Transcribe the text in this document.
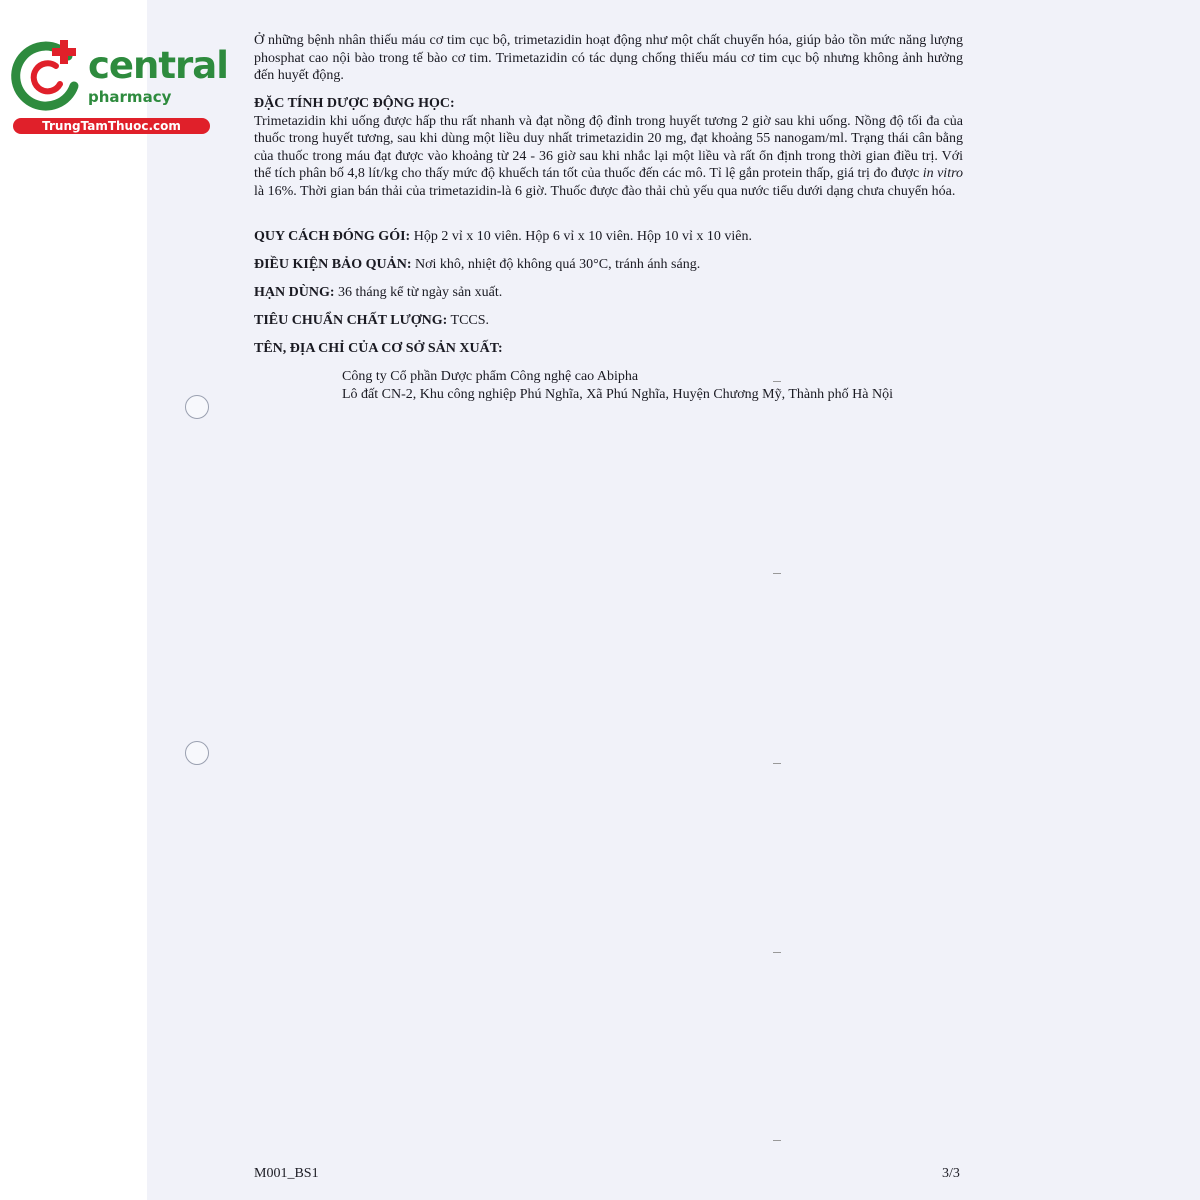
central
pharmacy
TrungTamThuoc.com
Ở những bệnh nhân thiếu máu cơ tim cục bộ, trimetazidin hoạt động như một chất chuyển hóa, giúp bảo tồn mức năng lượng phosphat cao nội bào trong tế bào cơ tim. Trimetazidin có tác dụng chống thiếu máu cơ tim cục bộ nhưng không ảnh hưởng đến huyết động.
ĐẶC TÍNH DƯỢC ĐỘNG HỌC:
Trimetazidin khi uống được hấp thu rất nhanh và đạt nồng độ đỉnh trong huyết tương 2 giờ sau khi uống. Nồng độ tối đa của thuốc trong huyết tương, sau khi dùng một liều duy nhất trimetazidin 20 mg, đạt khoảng 55 nanogam/ml. Trạng thái cân bằng của thuốc trong máu đạt được vào khoảng từ 24 - 36 giờ sau khi nhắc lại một liều và rất ổn định trong thời gian điều trị. Với thể tích phân bố 4,8 lít/kg cho thấy mức độ khuếch tán tốt của thuốc đến các mô. Tỉ lệ gắn protein thấp, giá trị đo được in vitro là 16%. Thời gian bán thải của trimetazidin-là 6 giờ. Thuốc được đào thải chủ yếu qua nước tiểu dưới dạng chưa chuyển hóa.
QUY CÁCH ĐÓNG GÓI: Hộp 2 vỉ x 10 viên. Hộp 6 vỉ x 10 viên. Hộp 10 vỉ x 10 viên.
ĐIỀU KIỆN BẢO QUẢN: Nơi khô, nhiệt độ không quá 30°C, tránh ánh sáng.
HẠN DÙNG: 36 tháng kể từ ngày sản xuất.
TIÊU CHUẨN CHẤT LƯỢNG: TCCS.
TÊN, ĐỊA CHỈ CỦA CƠ SỞ SẢN XUẤT:
Công ty Cổ phần Dược phẩm Công nghệ cao Abipha
Lô đất CN-2, Khu công nghiệp Phú Nghĩa, Xã Phú Nghĩa, Huyện Chương Mỹ, Thành phố Hà Nội
M001_BS1	3/3
